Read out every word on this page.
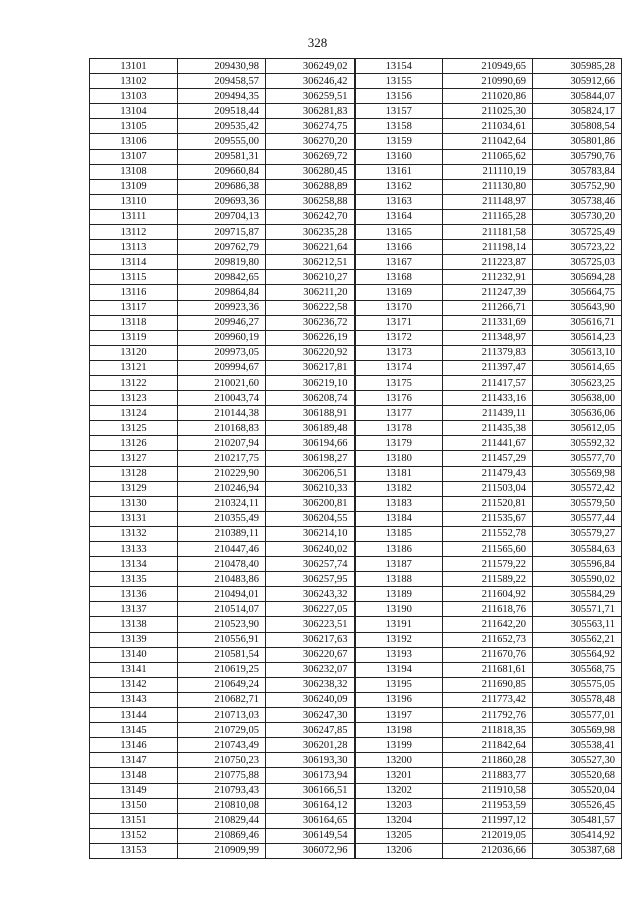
328
13101	209430,98	306249,02	13154	210949,65	305985,28
13102	209458,57	306246,42	13155	210990,69	305912,66
13103	209494,35	306259,51	13156	211020,86	305844,07
13104	209518,44	306281,83	13157	211025,30	305824,17
13105	209535,42	306274,75	13158	211034,61	305808,54
13106	209555,00	306270,20	13159	211042,64	305801,86
13107	209581,31	306269,72	13160	211065,62	305790,76
13108	209660,84	306280,45	13161	211110,19	305783,84
13109	209686,38	306288,89	13162	211130,80	305752,90
13110	209693,36	306258,88	13163	211148,97	305738,46
13111	209704,13	306242,70	13164	211165,28	305730,20
13112	209715,87	306235,28	13165	211181,58	305725,49
13113	209762,79	306221,64	13166	211198,14	305723,22
13114	209819,80	306212,51	13167	211223,87	305725,03
13115	209842,65	306210,27	13168	211232,91	305694,28
13116	209864,84	306211,20	13169	211247,39	305664,75
13117	209923,36	306222,58	13170	211266,71	305643,90
13118	209946,27	306236,72	13171	211331,69	305616,71
13119	209960,19	306226,19	13172	211348,97	305614,23
13120	209973,05	306220,92	13173	211379,83	305613,10
13121	209994,67	306217,81	13174	211397,47	305614,65
13122	210021,60	306219,10	13175	211417,57	305623,25
13123	210043,74	306208,74	13176	211433,16	305638,00
13124	210144,38	306188,91	13177	211439,11	305636,06
13125	210168,83	306189,48	13178	211435,38	305612,05
13126	210207,94	306194,66	13179	211441,67	305592,32
13127	210217,75	306198,27	13180	211457,29	305577,70
13128	210229,90	306206,51	13181	211479,43	305569,98
13129	210246,94	306210,33	13182	211503,04	305572,42
13130	210324,11	306200,81	13183	211520,81	305579,50
13131	210355,49	306204,55	13184	211535,67	305577,44
13132	210389,11	306214,10	13185	211552,78	305579,27
13133	210447,46	306240,02	13186	211565,60	305584,63
13134	210478,40	306257,74	13187	211579,22	305596,84
13135	210483,86	306257,95	13188	211589,22	305590,02
13136	210494,01	306243,32	13189	211604,92	305584,29
13137	210514,07	306227,05	13190	211618,76	305571,71
13138	210523,90	306223,51	13191	211642,20	305563,11
13139	210556,91	306217,63	13192	211652,73	305562,21
13140	210581,54	306220,67	13193	211670,76	305564,92
13141	210619,25	306232,07	13194	211681,61	305568,75
13142	210649,24	306238,32	13195	211690,85	305575,05
13143	210682,71	306240,09	13196	211773,42	305578,48
13144	210713,03	306247,30	13197	211792,76	305577,01
13145	210729,05	306247,85	13198	211818,35	305569,98
13146	210743,49	306201,28	13199	211842,64	305538,41
13147	210750,23	306193,30	13200	211860,28	305527,30
13148	210775,88	306173,94	13201	211883,77	305520,68
13149	210793,43	306166,51	13202	211910,58	305520,04
13150	210810,08	306164,12	13203	211953,59	305526,45
13151	210829,44	306164,65	13204	211997,12	305481,57
13152	210869,46	306149,54	13205	212019,05	305414,92
13153	210909,99	306072,96	13206	212036,66	305387,68
